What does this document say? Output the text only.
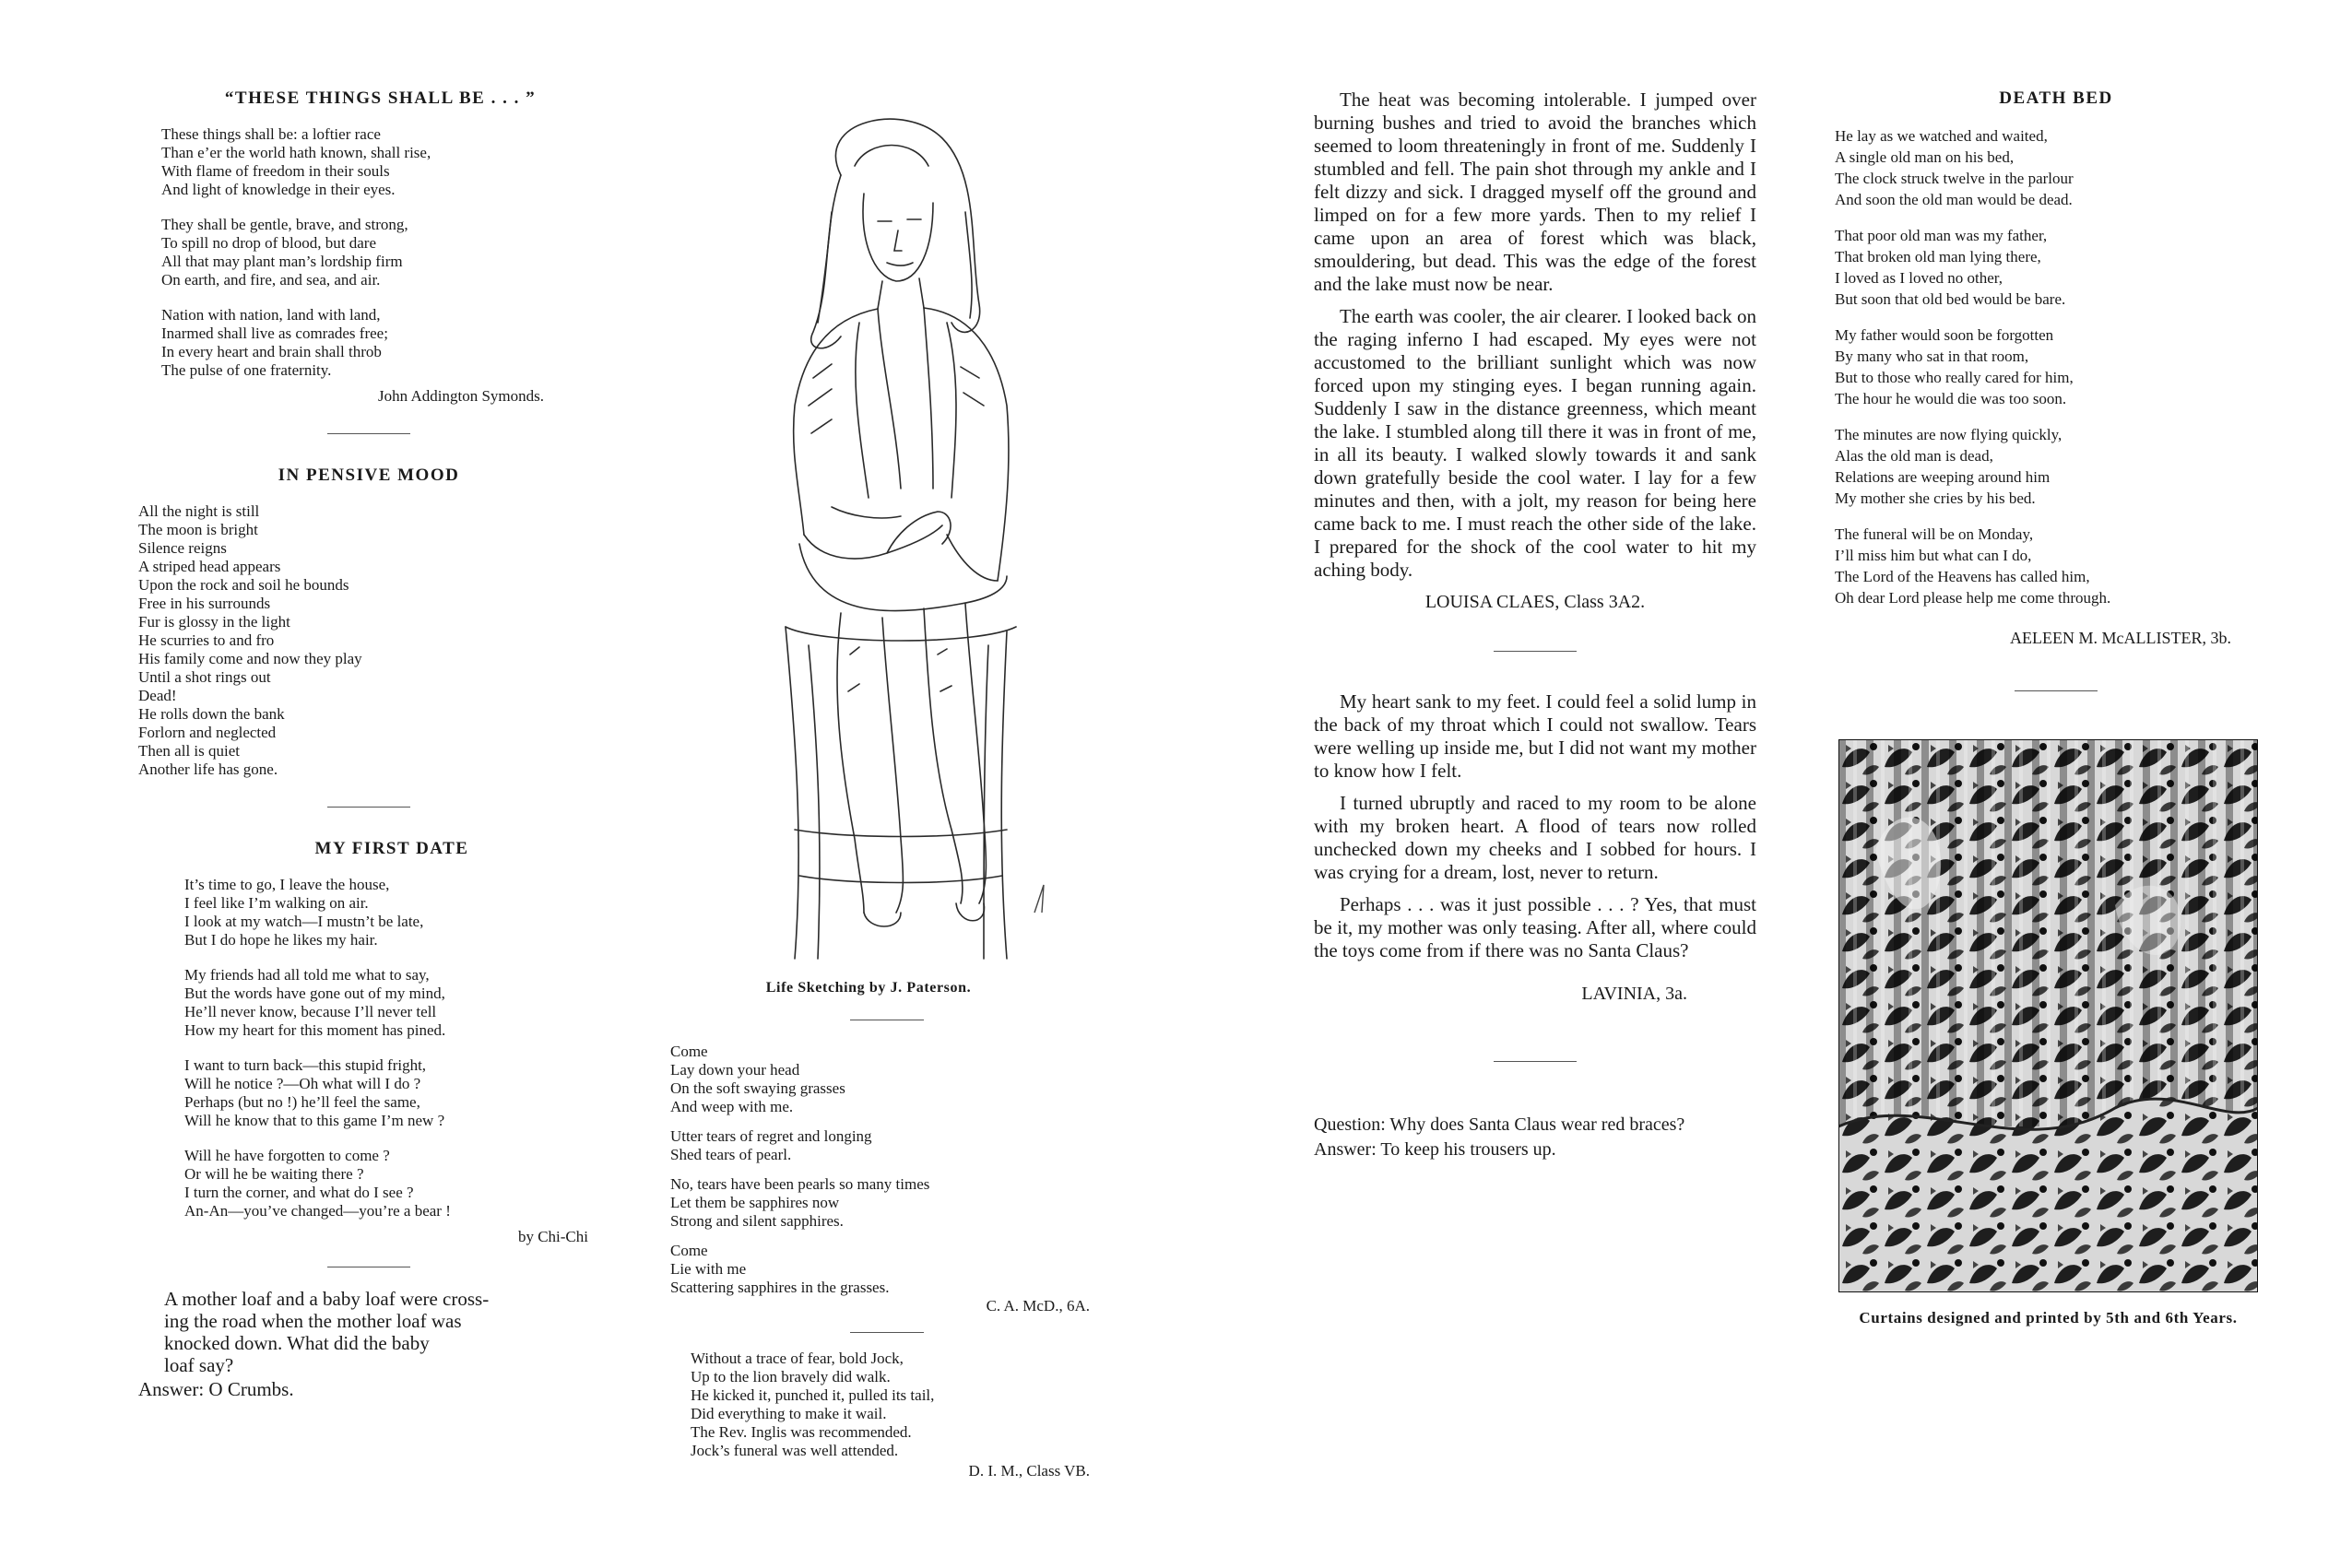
“THESE THINGS SHALL BE . . . ”
These things shall be: a loftier race
Than e’er the world hath known, shall rise,
With flame of freedom in their souls
And light of knowledge in their eyes.
They shall be gentle, brave, and strong,
To spill no drop of blood, but dare
All that may plant man’s lordship firm
On earth, and fire, and sea, and air.
Nation with nation, land with land,
Inarmed shall live as comrades free;
In every heart and brain shall throb
The pulse of one fraternity.

John Addington Symonds.

IN PENSIVE MOOD
All the night is still
The moon is bright
Silence reigns
A striped head appears
Upon the rock and soil he bounds
Free in his surrounds
Fur is glossy in the light
He scurries to and fro
His family come and now they play
Until a shot rings out
Dead!
He rolls down the bank
Forlorn and neglected
Then all is quiet
Another life has gone.
MY FIRST DATE
It’s time to go, I leave the house,
I feel like I’m walking on air.
I look at my watch—I mustn’t be late,
But I do hope he likes my hair.
My friends had all told me what to say,
But the words have gone out of my mind,
He’ll never know, because I’ll never tell
How my heart for this moment has pined.
I want to turn back—this stupid fright,
Will he notice ?—Oh what will I do ?
Perhaps (but no !) he’ll feel the same,
Will he know that to this game I’m new ?
Will he have forgotten to come ?
Or will he be waiting there ?
I turn the corner, and what do I see ?
An-An—you’ve changed—you’re a bear !

by Chi-Chi

A mother loaf and a baby loaf were cross-
ing the road when the mother loaf was
knocked down. What did the baby
loaf say?
Answer: O Crumbs.
Life Sketching by J. Paterson.
Come
Lay down your head
On the soft swaying grasses
And weep with me.
Utter tears of regret and longing
Shed tears of pearl.
No, tears have been pearls so many times
Let them be sapphires now
Strong and silent sapphires.
Come
Lie with me
Scattering sapphires in the grasses.

C. A. McD., 6A.

Without a trace of fear, bold Jock,
Up to the lion bravely did walk.
He kicked it, punched it, pulled its tail,
Did everything to make it wail.
The Rev. Inglis was recommended.
Jock’s funeral was well attended.

D. I. M., Class VB.

The heat was becoming intolerable. I jumped over burning bushes and tried to avoid the branches which seemed to loom threateningly in front of me. Suddenly I stumbled and fell. The pain shot through my ankle and I felt dizzy and sick. I dragged myself off the ground and limped on for a few more yards. Then to my relief I came upon an area of forest which was black, smouldering, but dead. This was the edge of the forest and the lake must now be near.

The earth was cooler, the air clearer. I looked back on the raging inferno I had escaped. My eyes were not accustomed to the brilliant sunlight which was now forced upon my stinging eyes. I began running again. Suddenly I saw in the distance greenness, which meant the lake. I stumbled along till there it was in front of me, in all its beauty. I walked slowly towards it and sank down gratefully beside the cool water. I lay for a few minutes and then, with a jolt, my reason for being here came back to me. I must reach the other side of the lake. I prepared for the shock of the cool water to hit my aching body.

LOUISA CLAES, Class 3A2.

My heart sank to my feet. I could feel a solid lump in the back of my throat which I could not swallow. Tears were welling up inside me, but I did not want my mother to know how I felt.

I turned ubruptly and raced to my room to be alone with my broken heart. A flood of tears now rolled unchecked down my cheeks and I sobbed for hours. I was crying for a dream, lost, never to return.

Perhaps . . . was it just possible . . . ? Yes, that must be it, my mother was only teasing. After all, where could the toys come from if there was no Santa Claus?

LAVINIA, 3a.

Question: Why does Santa Claus wear red braces?
Answer: To keep his trousers up.
DEATH BED
He lay as we watched and waited,
A single old man on his bed,
The clock struck twelve in the parlour
And soon the old man would be dead.
That poor old man was my father,
That broken old man lying there,
I loved as I loved no other,
But soon that old bed would be bare.
My father would soon be forgotten
By many who sat in that room,
But to those who really cared for him,
The hour he would die was too soon.
The minutes are now flying quickly,
Alas the old man is dead,
Relations are weeping around him
My mother she cries by his bed.
The funeral will be on Monday,
I’ll miss him but what can I do,
The Lord of the Heavens has called him,
Oh dear Lord please help me come through.

AELEEN M. McALLISTER, 3b.

Curtains designed and printed by 5th and 6th Years.
